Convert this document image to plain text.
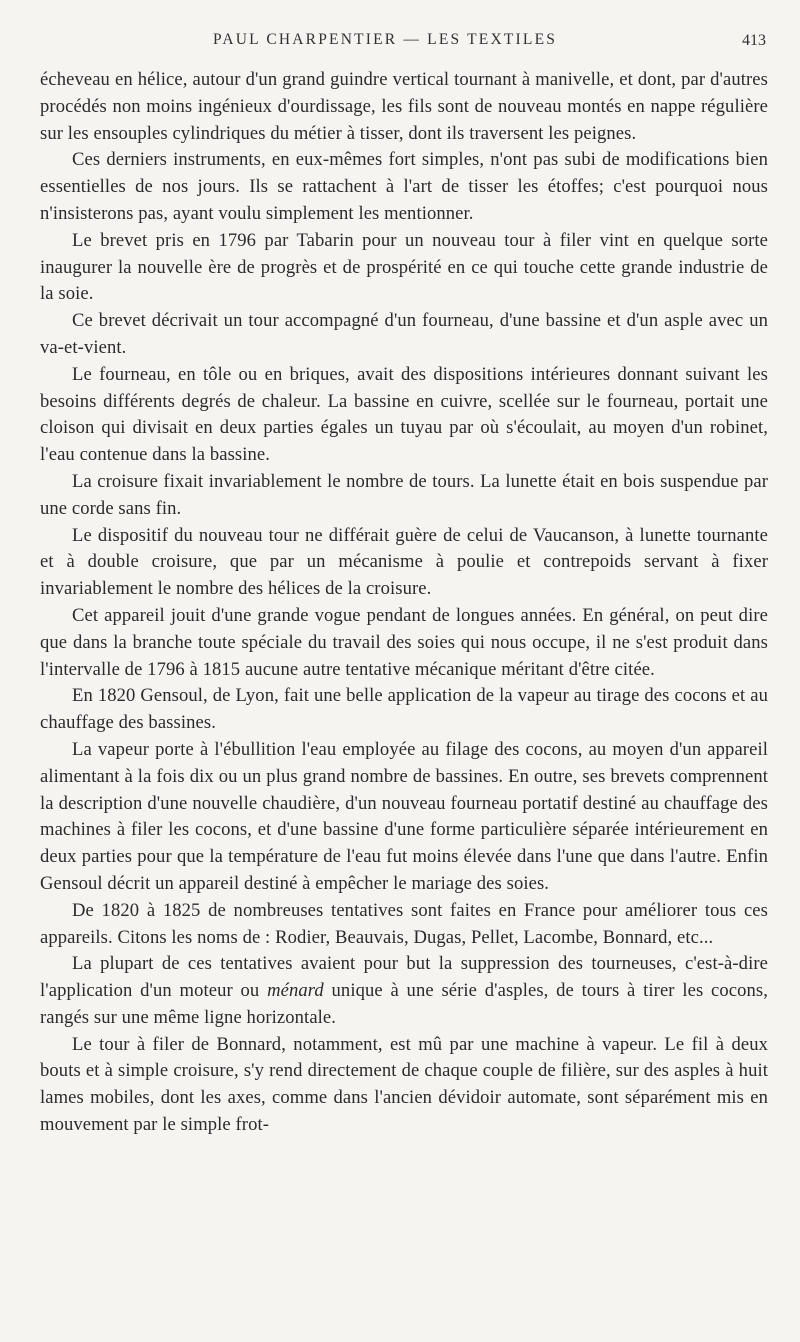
PAUL CHARPENTIER — LES TEXTILES	413

écheveau en hélice, autour d'un grand guindre vertical tournant à manivelle, et dont, par d'autres procédés non moins ingénieux d'ourdissage, les fils sont de nouveau montés en nappe régulière sur les ensouples cylindriques du métier à tisser, dont ils traversent les peignes.

Ces derniers instruments, en eux-mêmes fort simples, n'ont pas subi de modifications bien essentielles de nos jours. Ils se rattachent à l'art de tisser les étoffes; c'est pourquoi nous n'insisterons pas, ayant voulu simplement les mentionner.

Le brevet pris en 1796 par Tabarin pour un nouveau tour à filer vint en quelque sorte inaugurer la nouvelle ère de progrès et de prospérité en ce qui touche cette grande industrie de la soie.

Ce brevet décrivait un tour accompagné d'un fourneau, d'une bassine et d'un asple avec un va-et-vient.

Le fourneau, en tôle ou en briques, avait des dispositions intérieures donnant suivant les besoins différents degrés de chaleur. La bassine en cuivre, scellée sur le fourneau, portait une cloison qui divisait en deux parties égales un tuyau par où s'écoulait, au moyen d'un robinet, l'eau contenue dans la bassine.

La croisure fixait invariablement le nombre de tours. La lunette était en bois suspendue par une corde sans fin.

Le dispositif du nouveau tour ne différait guère de celui de Vaucanson, à lunette tournante et à double croisure, que par un mécanisme à poulie et contrepoids servant à fixer invariablement le nombre des hélices de la croisure.

Cet appareil jouit d'une grande vogue pendant de longues années. En général, on peut dire que dans la branche toute spéciale du travail des soies qui nous occupe, il ne s'est produit dans l'intervalle de 1796 à 1815 aucune autre tentative mécanique méritant d'être citée.

En 1820 Gensoul, de Lyon, fait une belle application de la vapeur au tirage des cocons et au chauffage des bassines.

La vapeur porte à l'ébullition l'eau employée au filage des cocons, au moyen d'un appareil alimentant à la fois dix ou un plus grand nombre de bassines. En outre, ses brevets comprennent la description d'une nouvelle chaudière, d'un nouveau fourneau portatif destiné au chauffage des machines à filer les cocons, et d'une bassine d'une forme particulière séparée intérieurement en deux parties pour que la température de l'eau fut moins élevée dans l'une que dans l'autre. Enfin Gensoul décrit un appareil destiné à empêcher le mariage des soies.

De 1820 à 1825 de nombreuses tentatives sont faites en France pour améliorer tous ces appareils. Citons les noms de : Rodier, Beauvais, Dugas, Pellet, Lacombe, Bonnard, etc...

La plupart de ces tentatives avaient pour but la suppression des tourneuses, c'est-à-dire l'application d'un moteur ou ménard unique à une série d'asples, de tours à tirer les cocons, rangés sur une même ligne horizontale.

Le tour à filer de Bonnard, notamment, est mû par une machine à vapeur. Le fil à deux bouts et à simple croisure, s'y rend directement de chaque couple de filière, sur des asples à huit lames mobiles, dont les axes, comme dans l'ancien dévidoir automate, sont séparément mis en mouvement par le simple frot-
